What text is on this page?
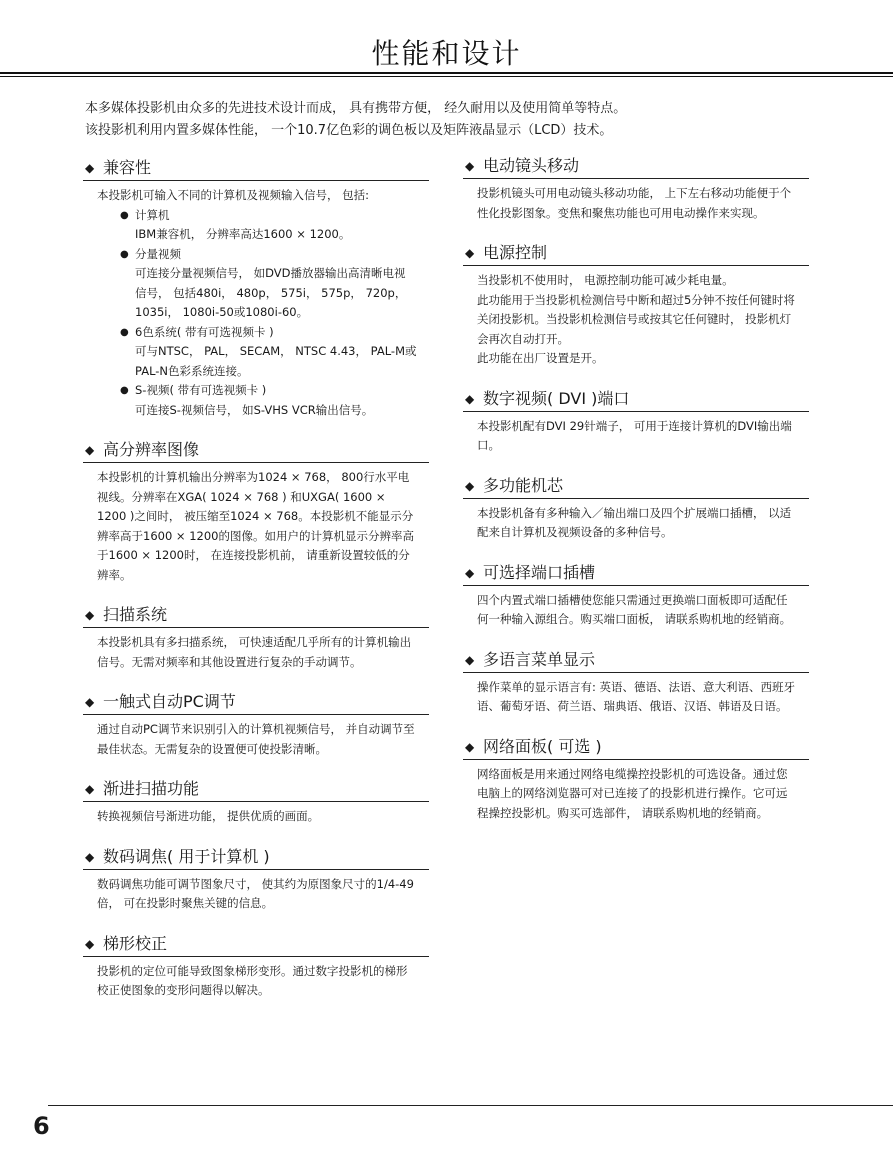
性能和设计

本多媒体投影机由众多的先进技术设计而成， 具有携带方便， 经久耐用以及使用简单等特点。

该投影机利用内置多媒体性能， 一个10.7亿色彩的调色板以及矩阵液晶显示（LCD）技术。

◆ 兼容性

本投影机可输入不同的计算机及视频输入信号， 包括:

● 计算机

IBM兼容机， 分辨率高达1600 × 1200。

● 分量视频

可连接分量视频信号， 如DVD播放器输出高清晰电视信号， 包括480i， 480p， 575i， 575p， 720p， 1035i， 1080i-50或1080i-60。

● 6色系统( 带有可选视频卡 )

可与NTSC， PAL， SECAM， NTSC 4.43， PAL-M或PAL-N色彩系统连接。

● S-视频( 带有可选视频卡 )

可连接S-视频信号， 如S-VHS VCR输出信号。

◆ 高分辨率图像

本投影机的计算机输出分辨率为1024 × 768， 800行水平电视线。分辨率在XGA( 1024 × 768 ) 和UXGA( 1600 × 1200 )之间时， 被压缩至1024 × 768。本投影机不能显示分辨率高于1600 × 1200的图像。如用户的计算机显示分辨率高于1600 × 1200时， 在连接投影机前， 请重新设置较低的分辨率。

◆ 扫描系统

本投影机具有多扫描系统， 可快速适配几乎所有的计算机输出信号。无需对频率和其他设置进行复杂的手动调节。

◆ 一触式自动PC调节

通过自动PC调节来识别引入的计算机视频信号， 并自动调节至最佳状态。无需复杂的设置便可使投影清晰。

◆ 渐进扫描功能

转换视频信号渐进功能， 提供优质的画面。

◆ 数码调焦( 用于计算机 )

数码调焦功能可调节图象尺寸， 使其约为原图象尺寸的1/4-49倍， 可在投影时聚焦关键的信息。

◆ 梯形校正

投影机的定位可能导致图象梯形变形。通过数字投影机的梯形校正使图象的变形问题得以解决。

◆ 电动镜头移动

投影机镜头可用电动镜头移动功能， 上下左右移动功能便于个性化投影图象。变焦和聚焦功能也可用电动操作来实现。

◆ 电源控制

当投影机不使用时， 电源控制功能可减少耗电量。

此功能用于当投影机检测信号中断和超过5分钟不按任何键时将关闭投影机。当投影机检测信号或按其它任何键时， 投影机灯会再次自动打开。

此功能在出厂设置是开。

◆ 数字视频( DVI )端口

本投影机配有DVI 29针端子， 可用于连接计算机的DVI输出端口。

◆ 多功能机芯

本投影机备有多种输入／输出端口及四个扩展端口插槽， 以适配来自计算机及视频设备的多种信号。

◆ 可选择端口插槽

四个内置式端口插槽使您能只需通过更换端口面板即可适配任何一种输入源组合。购买端口面板， 请联系购机地的经销商。

◆ 多语言菜单显示

操作菜单的显示语言有: 英语、德语、法语、意大利语、西班牙语、葡萄牙语、荷兰语、瑞典语、俄语、汉语、韩语及日语。

◆ 网络面板( 可选 )

网络面板是用来通过网络电缆操控投影机的可选设备。通过您电脑上的网络浏览器可对已连接了的投影机进行操作。它可远程操控投影机。购买可选部件， 请联系购机地的经销商。

6
